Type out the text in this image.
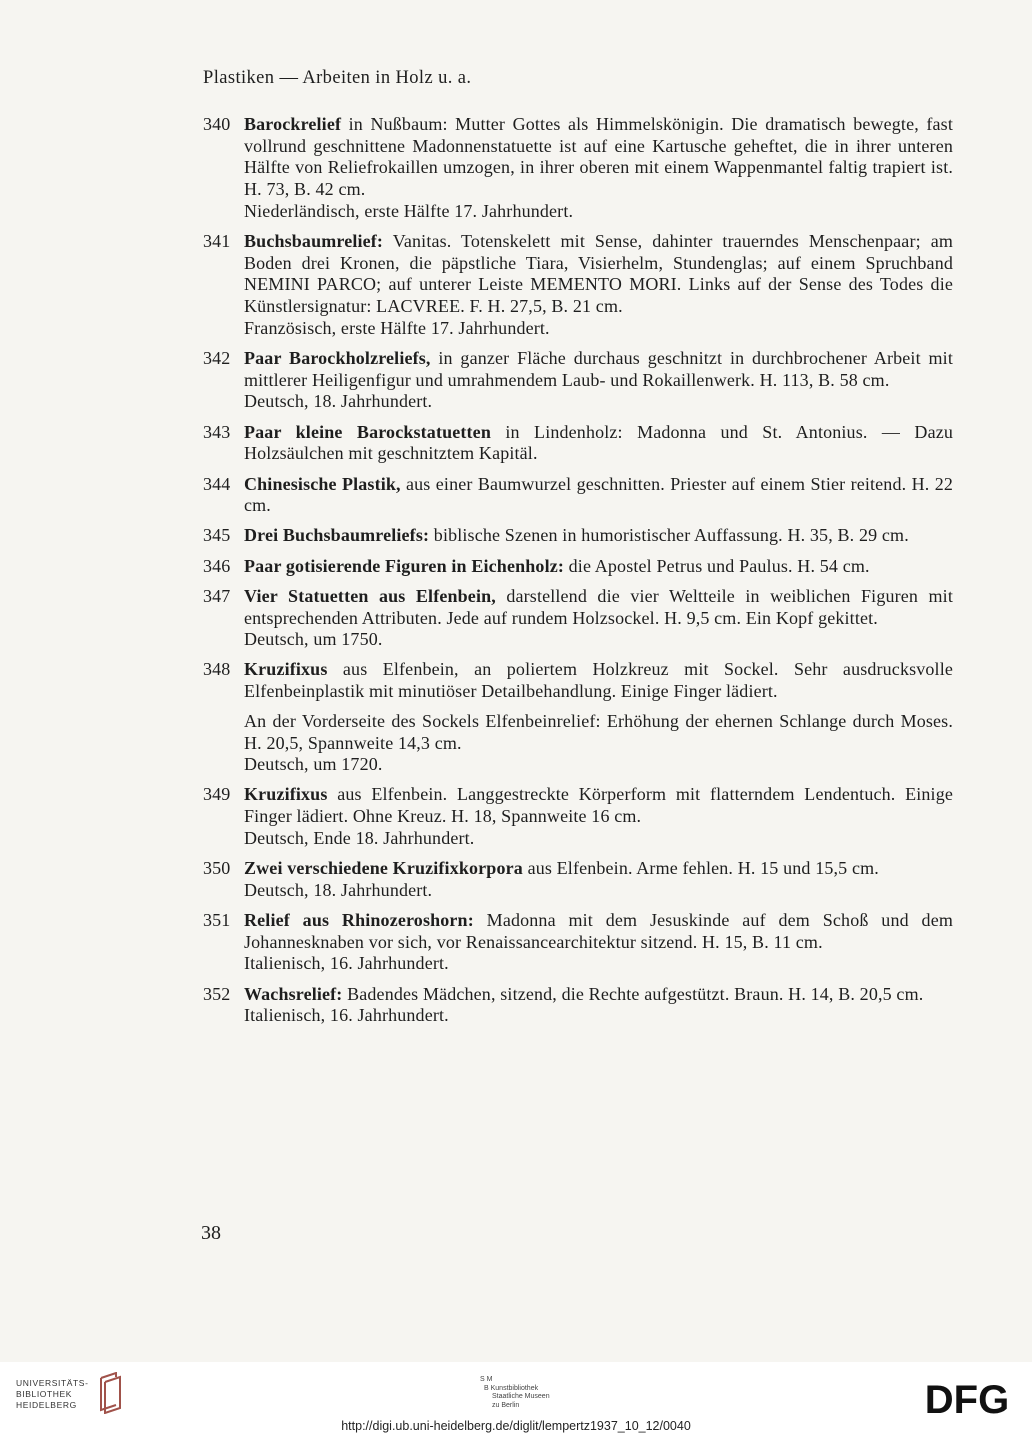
Plastiken — Arbeiten in Holz u. a.
340 Barockrelief in Nußbaum: Mutter Gottes als Himmelskönigin. Die dramatisch bewegte, fast vollrund geschnittene Madonnenstatuette ist auf eine Kartusche geheftet, die in ihrer unteren Hälfte von Reliefrokaillen umzogen, in ihrer oberen mit einem Wappenmantel faltig trapiert ist. H. 73, B. 42 cm.

Niederländisch, erste Hälfte 17. Jahrhundert.

341 Buchsbaumrelief: Vanitas. Totenskelett mit Sense, dahinter trauerndes Menschenpaar; am Boden drei Kronen, die päpstliche Tiara, Visierhelm, Stundenglas; auf einem Spruchband NEMINI PARCO; auf unterer Leiste MEMENTO MORI. Links auf der Sense des Todes die Künstlersignatur: LACVREE. F. H. 27,5, B. 21 cm.

Französisch, erste Hälfte 17. Jahrhundert.

342 Paar Barockholzreliefs, in ganzer Fläche durchaus geschnitzt in durchbrochener Arbeit mit mittlerer Heiligenfigur und umrahmendem Laub- und Rokaillenwerk. H. 113, B. 58 cm.

Deutsch, 18. Jahrhundert.

343 Paar kleine Barockstatuetten in Lindenholz: Madonna und St. Antonius. — Dazu Holzsäulchen mit geschnitztem Kapitäl.

344 Chinesische Plastik, aus einer Baumwurzel geschnitten. Priester auf einem Stier reitend. H. 22 cm.

345 Drei Buchsbaumreliefs: biblische Szenen in humoristischer Auffassung. H. 35, B. 29 cm.

346 Paar gotisierende Figuren in Eichenholz: die Apostel Petrus und Paulus. H. 54 cm.

347 Vier Statuetten aus Elfenbein, darstellend die vier Weltteile in weiblichen Figuren mit entsprechenden Attributen. Jede auf rundem Holzsockel. H. 9,5 cm. Ein Kopf gekittet.

Deutsch, um 1750.

348 Kruzifixus aus Elfenbein, an poliertem Holzkreuz mit Sockel. Sehr ausdrucksvolle Elfenbeinplastik mit minutiöser Detailbehandlung. Einige Finger lädiert.

An der Vorderseite des Sockels Elfenbeinrelief: Erhöhung der ehernen Schlange durch Moses. H. 20,5, Spannweite 14,3 cm.

Deutsch, um 1720.

349 Kruzifixus aus Elfenbein. Langgestreckte Körperform mit flatterndem Lendentuch. Einige Finger lädiert. Ohne Kreuz. H. 18, Spannweite 16 cm.

Deutsch, Ende 18. Jahrhundert.

350 Zwei verschiedene Kruzifixkorpora aus Elfenbein. Arme fehlen. H. 15 und 15,5 cm.

Deutsch, 18. Jahrhundert.

351 Relief aus Rhinozeroshorn: Madonna mit dem Jesuskinde auf dem Schoß und dem Johannesknaben vor sich, vor Renaissancearchitektur sitzend. H. 15, B. 11 cm.

Italienisch, 16. Jahrhundert.

352 Wachsrelief: Badendes Mädchen, sitzend, die Rechte aufgestützt. Braun. H. 14, B. 20,5 cm.

Italienisch, 16. Jahrhundert.

38
UNIVERSITÄTS-
BIBLIOTHEK
HEIDELBERG
S M
B Kunstbibliothek
Staatliche Museen
zu Berlin
http://digi.ub.uni-heidelberg.de/diglit/lempertz1937_10_12/0040
DFG
